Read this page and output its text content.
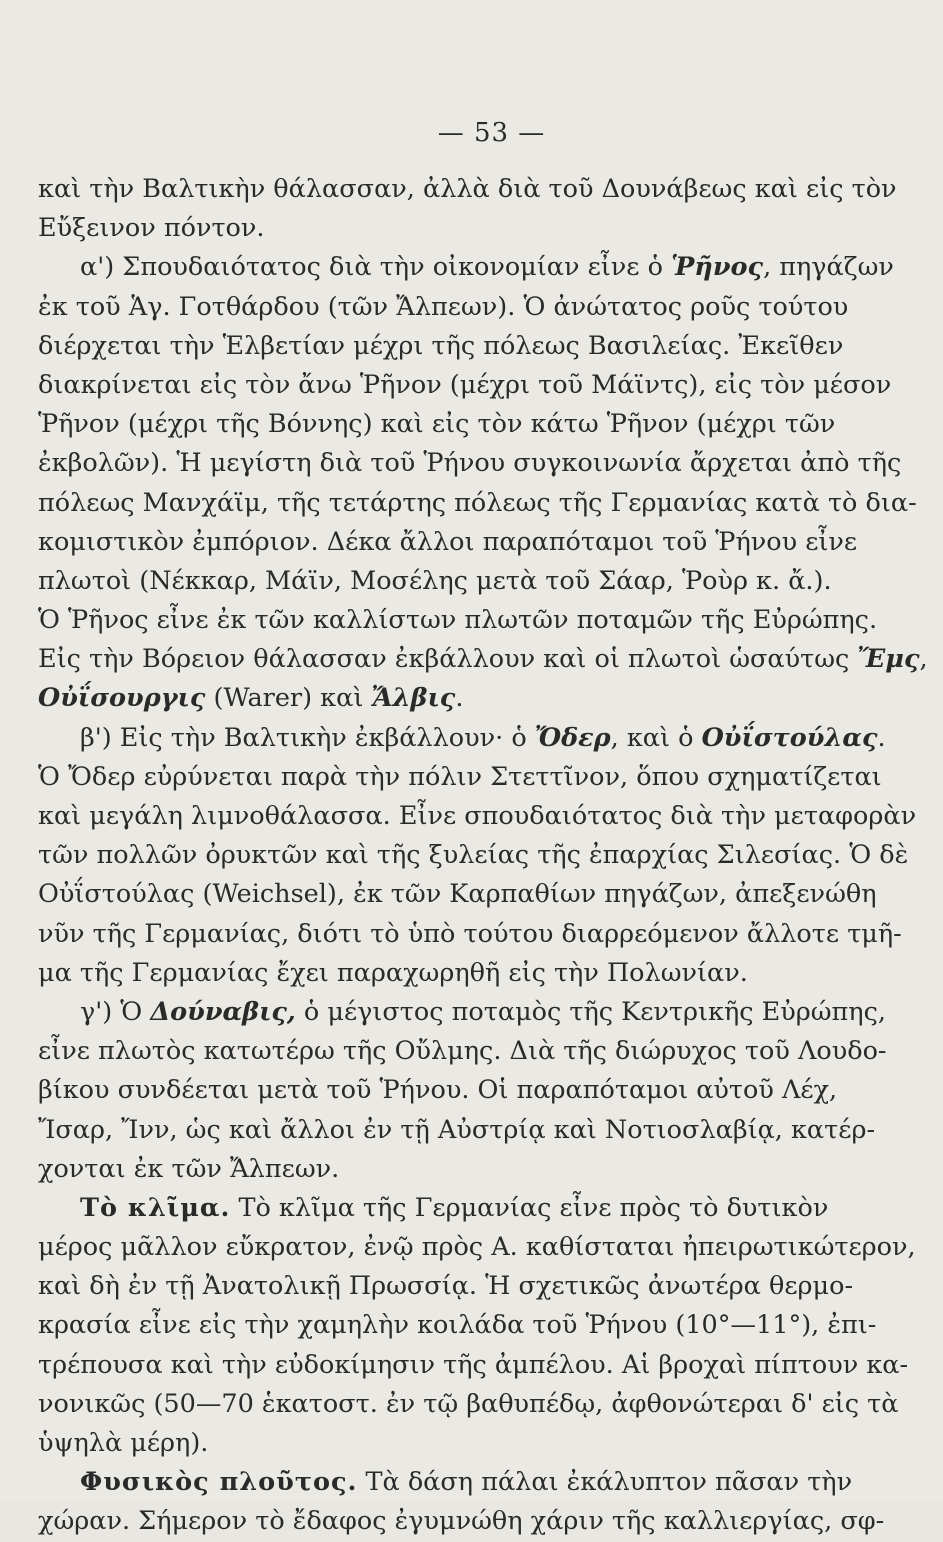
— 53 —
καὶ τὴν Βαλτικὴν θάλασσαν, ἀλλὰ διὰ τοῦ Δουνάβεως καὶ εἰς τὸν
Εὔξεινον πόντον.
α') Σπουδαιότατος διὰ τὴν οἰκονομίαν εἶνε ὁ Ῥῆνος, πηγάζων
ἐκ τοῦ Ἁγ. Γοτθάρδου (τῶν Ἄλπεων). Ὁ ἀνώτατος ροῦς τούτου
διέρχεται τὴν Ἑλβετίαν μέχρι τῆς πόλεως Βασιλείας. Ἐκεῖθεν
διακρίνεται εἰς τὸν ἄνω Ῥῆνον (μέχρι τοῦ Μάϊντς), εἰς τὸν μέσον
Ῥῆνον (μέχρι τῆς Βόννης) καὶ εἰς τὸν κάτω Ῥῆνον (μέχρι τῶν
ἐκβολῶν). Ἡ μεγίστη διὰ τοῦ Ῥήνου συγκοινωνία ἄρχεται ἀπὸ τῆς
πόλεως Μανχάϊμ, τῆς τετάρτης πόλεως τῆς Γερμανίας κατὰ τὸ δια-
κομιστικὸν ἐμπόριον. Δέκα ἄλλοι παραπόταμοι τοῦ Ῥήνου εἶνε
πλωτοὶ (Νέκκαρ, Μάϊν, Μοσέλης μετὰ τοῦ Σάαρ, Ῥοὺρ κ. ἄ.).
Ὁ Ῥῆνος εἶνε ἐκ τῶν καλλίστων πλωτῶν ποταμῶν τῆς Εὐρώπης.
Εἰς τὴν Βόρειον θάλασσαν ἐκβάλλουν καὶ οἱ πλωτοὶ ὡσαύτως Ἔμς,
Οὐΐσουργις (Warer) καὶ Ἄλβις.
β') Εἰς τὴν Βαλτικὴν ἐκβάλλουν· ὁ Ὄδερ, καὶ ὁ Οὐΐστούλας.
Ὁ Ὄδερ εὐρύνεται παρὰ τὴν πόλιν Στεττῖνον, ὅπου σχηματίζεται
καὶ μεγάλη λιμνοθάλασσα. Εἶνε σπουδαιότατος διὰ τὴν μεταφορὰν
τῶν πολλῶν ὀρυκτῶν καὶ τῆς ξυλείας τῆς ἐπαρχίας Σιλεσίας. Ὁ δὲ
Οὐΐστούλας (Weichsel), ἐκ τῶν Καρπαθίων πηγάζων, ἀπεξενώθη
νῦν τῆς Γερμανίας, διότι τὸ ὑπὸ τούτου διαρρεόμενον ἄλλοτε τμῆ-
μα τῆς Γερμανίας ἔχει παραχωρηθῆ εἰς τὴν Πολωνίαν.
γ') Ὁ Δούναβις, ὁ μέγιστος ποταμὸς τῆς Κεντρικῆς Εὐρώπης,
εἶνε πλωτὸς κατωτέρω τῆς Οὔλμης. Διὰ τῆς διώρυχος τοῦ Λουδο-
βίκου συνδέεται μετὰ τοῦ Ῥήνου. Οἱ παραπόταμοι αὐτοῦ Λέχ,
Ἴσαρ, Ἴνν, ὡς καὶ ἄλλοι ἐν τῇ Αὐστρίᾳ καὶ Νοτιοσλαβίᾳ, κατέρ-
χονται ἐκ τῶν Ἄλπεων.
Τὸ κλῖμα. Τὸ κλῖμα τῆς Γερμανίας εἶνε πρὸς τὸ δυτικὸν
μέρος μᾶλλον εὔκρατον, ἐνῷ πρὸς Α. καθίσταται ἠπειρωτικώτερον,
καὶ δὴ ἐν τῇ Ἀνατολικῇ Πρωσσίᾳ. Ἡ σχετικῶς ἀνωτέρα θερμο-
κρασία εἶνε εἰς τὴν χαμηλὴν κοιλάδα τοῦ Ῥήνου (10°—11°), ἐπι-
τρέπουσα καὶ τὴν εὐδοκίμησιν τῆς ἀμπέλου. Αἱ βροχαὶ πίπτουν κα-
νονικῶς (50—70 ἑκατοστ. ἐν τῷ βαθυπέδῳ, ἀφθονώτεραι δ' εἰς τὰ
ὑψηλὰ μέρη).
Φυσικὸς πλοῦτος. Τὰ δάση πάλαι ἐκάλυπτον πᾶσαν τὴν
χώραν. Σήμερον τὸ ἔδαφος ἐγυμνώθη χάριν τῆς καλλιεργίας, σφ-
